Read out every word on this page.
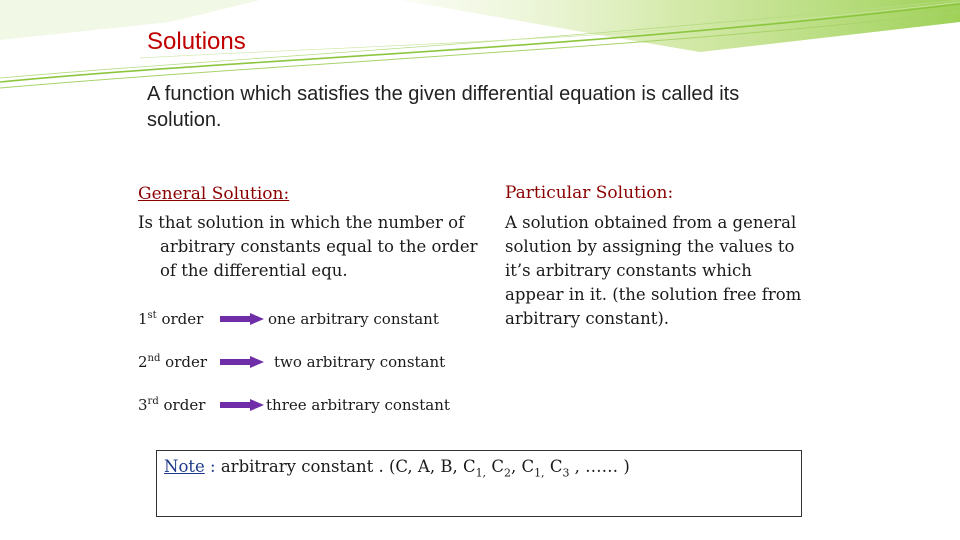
Solutions
A function which satisfies the given differential equation is called its solution.
General Solution:
Is that solution in which the number of arbitrary constants equal to the order of the differential equ.
1st order	one arbitrary constant
2nd order	two arbitrary constant
3rd order	three arbitrary constant
Particular Solution:
A solution obtained from a general solution by assigning the values to it’s arbitrary constants which appear in it. (the solution free from arbitrary constant).
Note : arbitrary constant . (C, A, B, $C_{1,}$ $C_2$, $C_{1,}$ $C_3$ , …… )
